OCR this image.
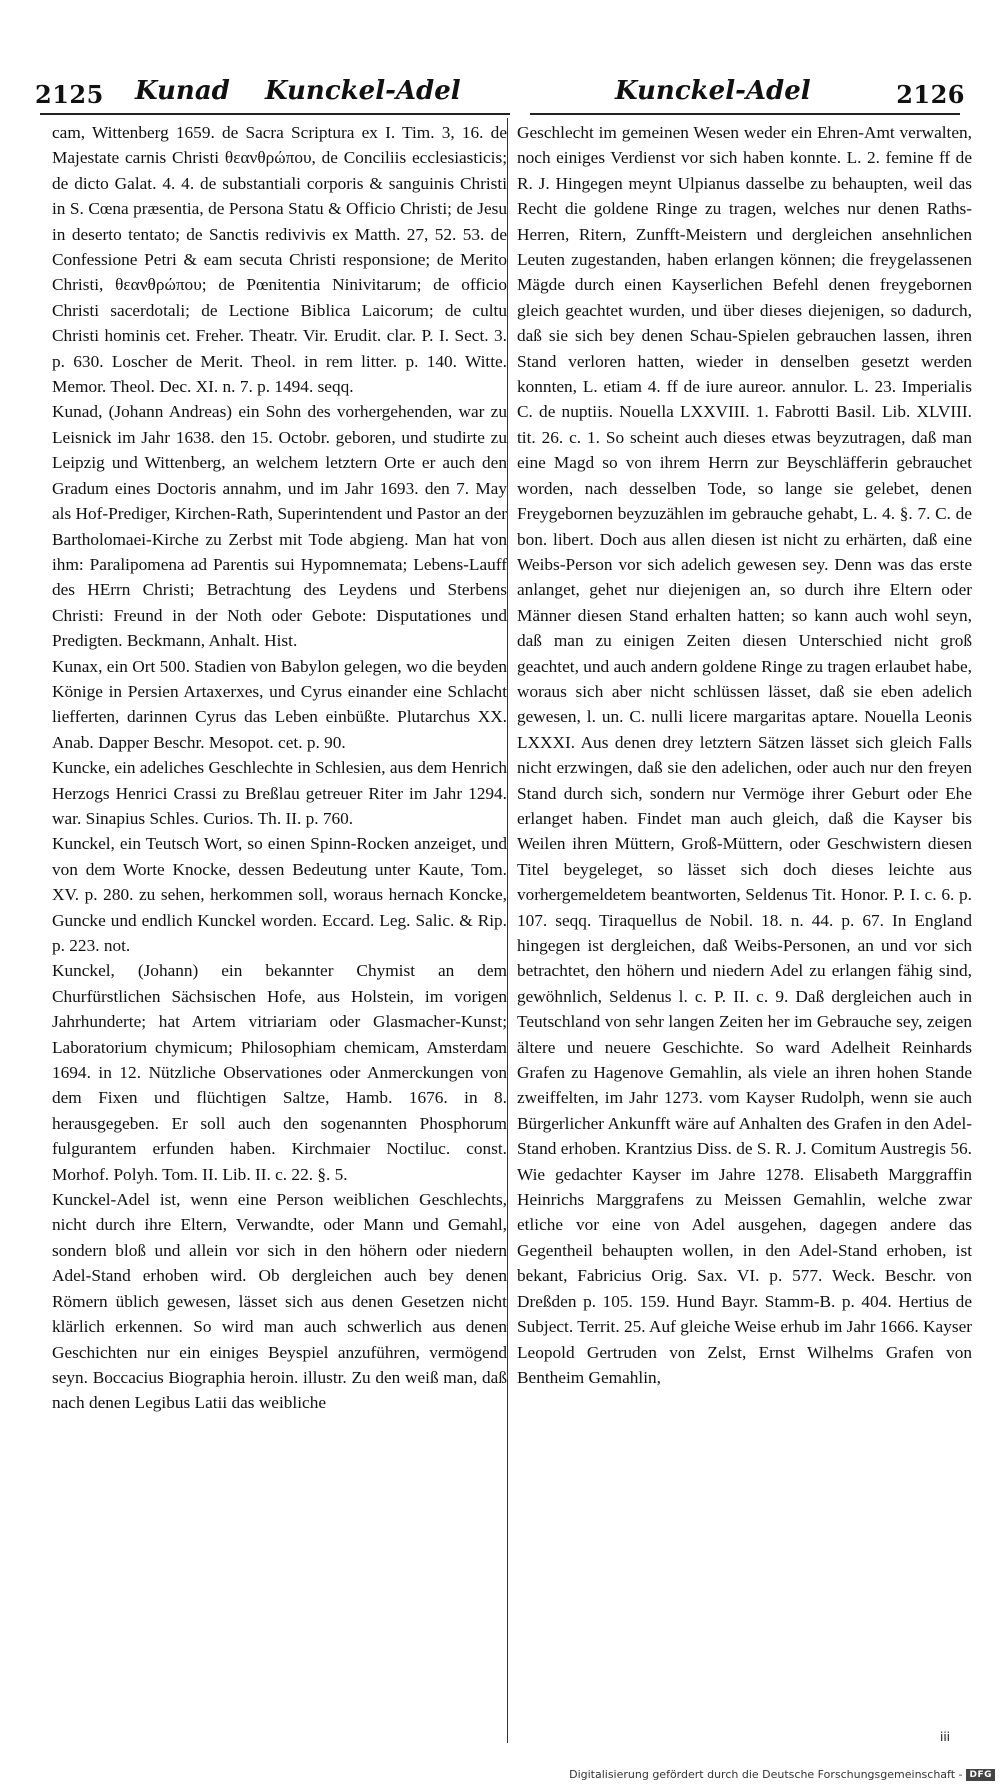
2125 Kunad Kunckel-Adel	Kunckel-Adel	2126

cam, Wittenberg 1659. de Sacra Scriptura ex I. Tim. 3, 16. de Majestate carnis Christi θεανθρώπου, de Conciliis ecclesiasticis; de dicto Galat. 4. 4. de substantiali corporis & sanguinis Christi in S. Cœna præsentia, de Persona Statu & Officio Christi; de Jesu in deserto tentato; de Sanctis redivivis ex Matth. 27, 52. 53. de Confessione Petri & eam secuta Christi responsione; de Merito Christi, θεανθρώπου; de Pœnitentia Ninivitarum; de officio Christi sacerdotali; de Lectione Biblica Laicorum; de cultu Christi hominis cet. Freher. Theatr. Vir. Erudit. clar. P. I. Sect. 3. p. 630. Loscher de Merit. Theol. in rem litter. p. 140. Witte. Memor. Theol. Dec. XI. n. 7. p. 1494. seqq.

Kunad, (Johann Andreas) ein Sohn des vorhergehenden, war zu Leisnick im Jahr 1638. den 15. Octobr. geboren, und studirte zu Leipzig und Wittenberg, an welchem letztern Orte er auch den Gradum eines Doctoris annahm, und im Jahr 1693. den 7. May als Hof-Prediger, Kirchen-Rath, Superintendent und Pastor an der Bartholomaei-Kirche zu Zerbst mit Tode abgieng. Man hat von ihm: Paralipomena ad Parentis sui Hypomnemata; Lebens-Lauff des HErrn Christi; Betrachtung des Leydens und Sterbens Christi: Freund in der Noth oder Gebote: Disputationes und Predigten. Beckmann, Anhalt. Hist.

Kunax, ein Ort 500. Stadien von Babylon gelegen, wo die beyden Könige in Persien Artaxerxes, und Cyrus einander eine Schlacht liefferten, darinnen Cyrus das Leben einbüßte. Plutarchus XX. Anab. Dapper Beschr. Mesopot. cet. p. 90.

Kuncke, ein adeliches Geschlechte in Schlesien, aus dem Henrich Herzogs Henrici Crassi zu Breßlau getreuer Riter im Jahr 1294. war. Sinapius Schles. Curios. Th. II. p. 760.

Kunckel, ein Teutsch Wort, so einen Spinn-Rocken anzeiget, und von dem Worte Knocke, dessen Bedeutung unter Kaute, Tom. XV. p. 280. zu sehen, herkommen soll, woraus hernach Koncke, Guncke und endlich Kunckel worden. Eccard. Leg. Salic. & Rip. p. 223. not.

Kunckel, (Johann) ein bekannter Chymist an dem Churfürstlichen Sächsischen Hofe, aus Holstein, im vorigen Jahrhunderte; hat Artem vitriariam oder Glasmacher-Kunst; Laboratorium chymicum; Philosophiam chemicam, Amsterdam 1694. in 12. Nützliche Observationes oder Anmerckungen von dem Fixen und flüchtigen Saltze, Hamb. 1676. in 8. herausgegeben. Er soll auch den sogenannten Phosphorum fulgurantem erfunden haben. Kirchmaier Noctiluc. const. Morhof. Polyh. Tom. II. Lib. II. c. 22. §. 5.

Kunckel-Adel ist, wenn eine Person weiblichen Geschlechts, nicht durch ihre Eltern, Verwandte, oder Mann und Gemahl, sondern bloß und allein vor sich in den höhern oder niedern Adel-Stand erhoben wird. Ob dergleichen auch bey denen Römern üblich gewesen, lässet sich aus denen Gesetzen nicht klärlich erkennen. So wird man auch schwerlich aus denen Geschichten nur ein einiges Beyspiel anzuführen, vermögend seyn. Boccacius Biographia heroin. illustr. Zu den weiß man, daß nach denen Legibus Latii das weibliche

Geschlecht im gemeinen Wesen weder ein Ehren-Amt verwalten, noch einiges Verdienst vor sich haben konnte. L. 2. femine ff de R. J. Hingegen meynt Ulpianus dasselbe zu behaupten, weil das Recht die goldene Ringe zu tragen, welches nur denen Raths-Herren, Ritern, Zunfft-Meistern und dergleichen ansehnlichen Leuten zugestanden, haben erlangen können; die freygelassenen Mägde durch einen Kayserlichen Befehl denen freygebornen gleich geachtet wurden, und über dieses diejenigen, so dadurch, daß sie sich bey denen Schau-Spielen gebrauchen lassen, ihren Stand verloren hatten, wieder in denselben gesetzt werden konnten, L. etiam 4. ff de iure aureor. annulor. L. 23. Imperialis C. de nuptiis. Nouella LXXVIII. 1. Fabrotti Basil. Lib. XLVIII. tit. 26. c. 1. So scheint auch dieses etwas beyzutragen, daß man eine Magd so von ihrem Herrn zur Beyschläfferin gebrauchet worden, nach desselben Tode, so lange sie gelebet, denen Freygebornen beyzuzählen im gebrauche gehabt, L. 4. §. 7. C. de bon. libert. Doch aus allen diesen ist nicht zu erhärten, daß eine Weibs-Person vor sich adelich gewesen sey. Denn was das erste anlanget, gehet nur diejenigen an, so durch ihre Eltern oder Männer diesen Stand erhalten hatten; so kann auch wohl seyn, daß man zu einigen Zeiten diesen Unterschied nicht groß geachtet, und auch andern goldene Ringe zu tragen erlaubet habe, woraus sich aber nicht schlüssen lässet, daß sie eben adelich gewesen, l. un. C. nulli licere margaritas aptare. Nouella Leonis LXXXI. Aus denen drey letztern Sätzen lässet sich gleich Falls nicht erzwingen, daß sie den adelichen, oder auch nur den freyen Stand durch sich, sondern nur Vermöge ihrer Geburt oder Ehe erlanget haben. Findet man auch gleich, daß die Kayser bis Weilen ihren Müttern, Groß-Müttern, oder Geschwistern diesen Titel beygeleget, so lässet sich doch dieses leichte aus vorhergemeldetem beantworten, Seldenus Tit. Honor. P. I. c. 6. p. 107. seqq. Tiraquellus de Nobil. 18. n. 44. p. 67. In England hingegen ist dergleichen, daß Weibs-Personen, an und vor sich betrachtet, den höhern und niedern Adel zu erlangen fähig sind, gewöhnlich, Seldenus l. c. P. II. c. 9. Daß dergleichen auch in Teutschland von sehr langen Zeiten her im Gebrauche sey, zeigen ältere und neuere Geschichte. So ward Adelheit Reinhards Grafen zu Hagenove Gemahlin, als viele an ihren hohen Stande zweiffelten, im Jahr 1273. vom Kayser Rudolph, wenn sie auch Bürgerlicher Ankunfft wäre auf Anhalten des Grafen in den Adel-Stand erhoben. Krantzius Diss. de S. R. J. Comitum Austregis 56. Wie gedachter Kayser im Jahre 1278. Elisabeth Marggraffin Heinrichs Marggrafens zu Meissen Gemahlin, welche zwar etliche vor eine von Adel ausgehen, dagegen andere das Gegentheil behaupten wollen, in den Adel-Stand erhoben, ist bekant, Fabricius Orig. Sax. VI. p. 577. Weck. Beschr. von Dreßden p. 105. 159. Hund Bayr. Stamm-B. p. 404. Hertius de Subject. Territ. 25. Auf gleiche Weise erhub im Jahr 1666. Kayser Leopold Gertruden von Zelst, Ernst Wilhelms Grafen von Bentheim Gemahlin,

iii
Digitalisierung gefördert durch die Deutsche Forschungsgemeinschaft - DFG
